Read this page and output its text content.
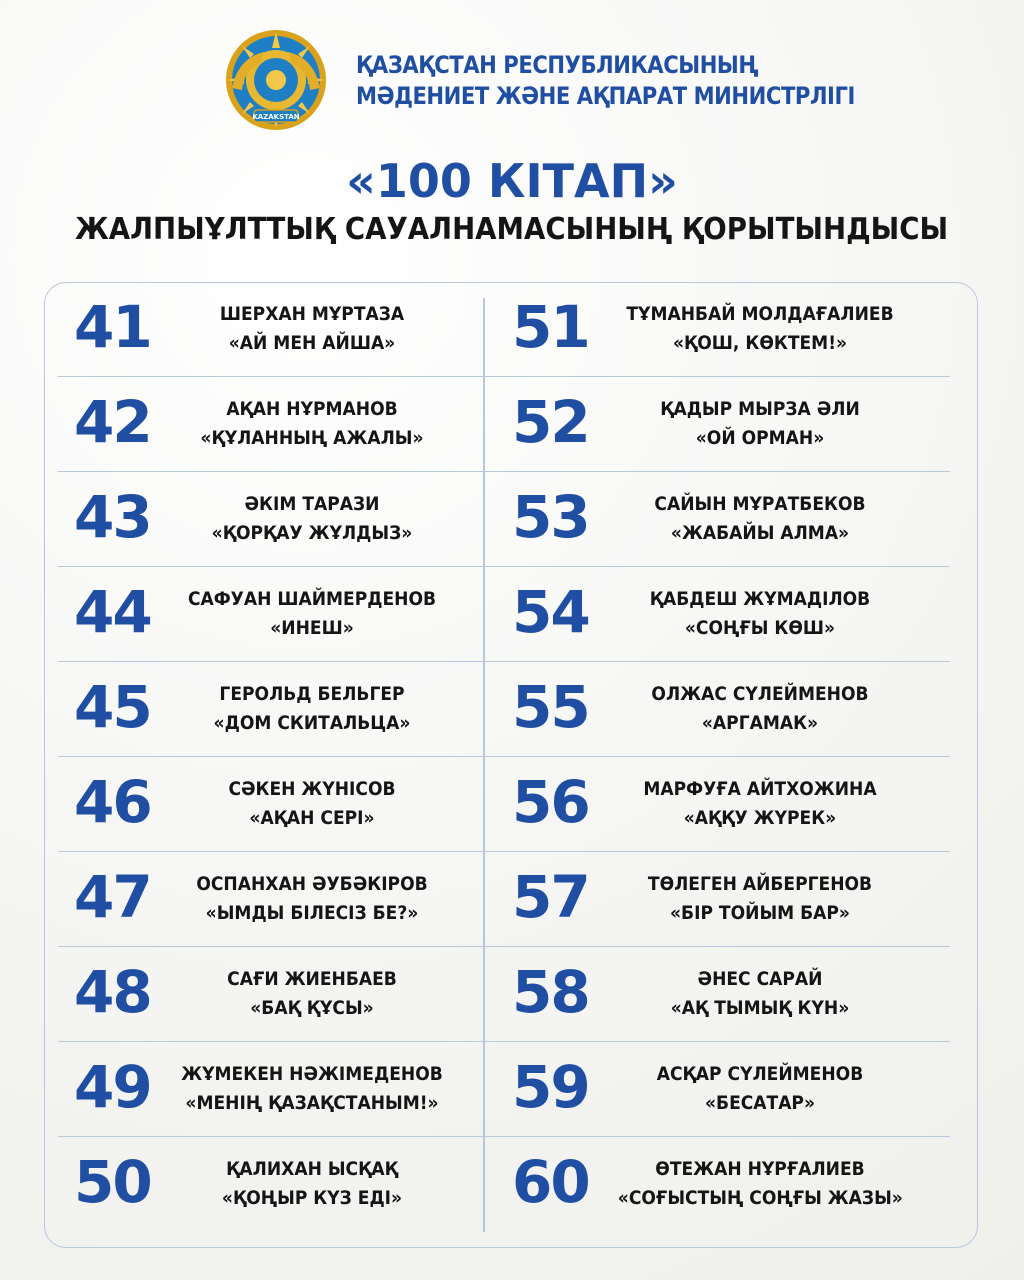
KAZAKSTAN
ҚАЗАҚСТАН РЕСПУБЛИКАСЫНЫҢ
МӘДЕНИЕТ ЖӘНЕ АҚПАРАТ МИНИСТРЛІГІ
«100 КІТАП»
ЖАЛПЫҰЛТТЫҚ САУАЛНАМАСЫНЫҢ ҚОРЫТЫНДЫСЫ
41	ШЕРХАН МҰРТАЗА
«АЙ МЕН АЙША»
42	АҚАН НҰРМАНОВ
«ҚҰЛАННЫҢ АЖАЛЫ»
43	ӘКІМ ТАРАЗИ
«ҚОРҚАУ ЖҰЛДЫЗ»
44	САФУАН ШАЙМЕРДЕНОВ
«ИНЕШ»
45	ГЕРОЛЬД БЕЛЬГЕР
«ДОМ СКИТАЛЬЦА»
46	СӘКЕН ЖҮНІСОВ
«АҚАН СЕРІ»
47	ОСПАНХАН ӘУБӘКІРОВ
«ЫМДЫ БІЛЕСІЗ БЕ?»
48	САҒИ ЖИЕНБАЕВ
«БАҚ ҚҰСЫ»
49 ЖҰМЕКЕН НӘЖІМЕДЕНОВ
«МЕНІҢ ҚАЗАҚСТАНЫМ!»
50	ҚАЛИХАН ЫСҚАҚ
«ҚОҢЫР КҮЗ ЕДІ»
51	ТҰМАНБАЙ МОЛДАҒАЛИЕВ
«ҚОШ, КӨКТЕМ!»
52	ҚАДЫР МЫРЗА ӘЛИ
«ОЙ ОРМАН»
53	САЙЫН МҰРАТБЕКОВ
«ЖАБАЙЫ АЛМА»
54	ҚАБДЕШ ЖҰМАДІЛОВ
«СОҢҒЫ КӨШ»
55	ОЛЖАС СҮЛЕЙМЕНОВ
«АРГАМАК»
56	МАРФУҒА АЙТХОЖИНА
«АҚҚУ ЖҮРЕК»
57	ТӨЛЕГЕН АЙБЕРГЕНОВ
«БІР ТОЙЫМ БАР»
58	ӘНЕС САРАЙ
«АҚ ТЫМЫҚ КҮН»
59	АСҚАР СҮЛЕЙМЕНОВ
«БЕСАТАР»
60	ӨТЕЖАН НҰРҒАЛИЕВ
«СОҒЫСТЫҢ СОҢҒЫ ЖАЗЫ»
